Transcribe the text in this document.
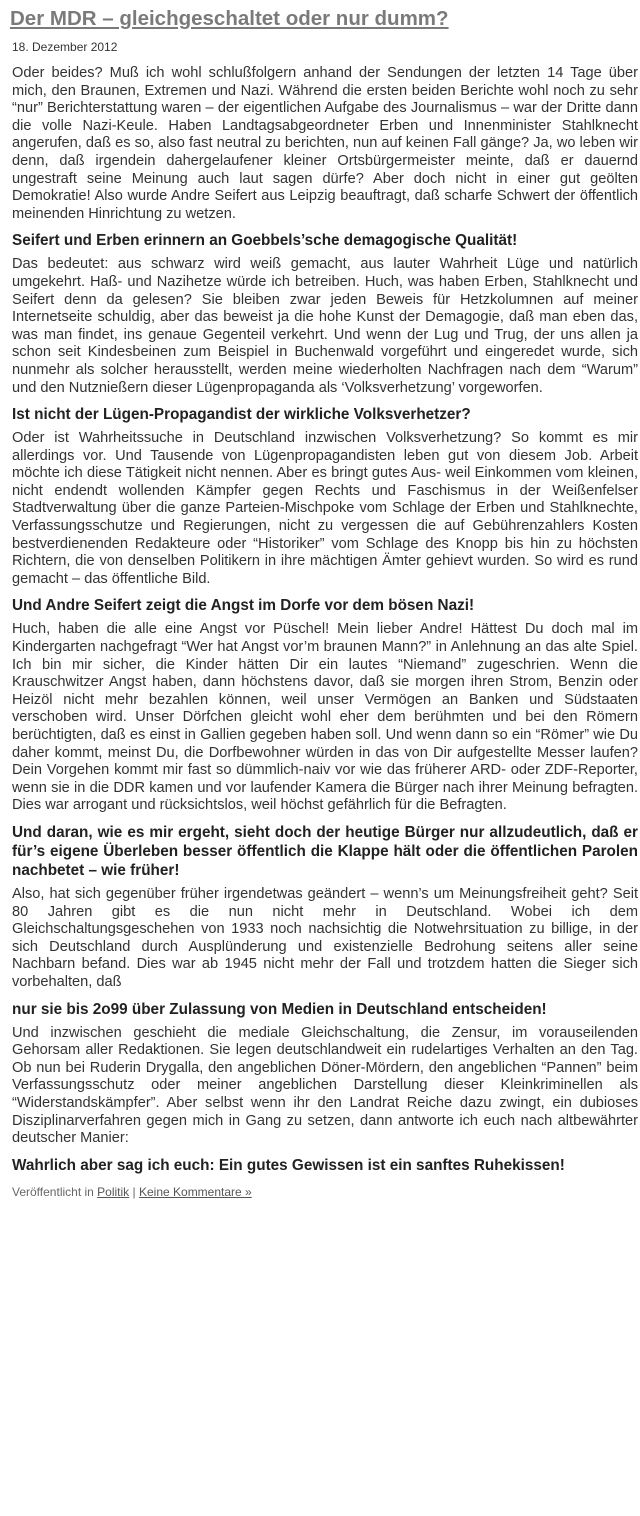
Der MDR – gleichgeschaltet oder nur dumm?
18. Dezember 2012

Oder beides? Muß ich wohl schlußfolgern anhand der Sendungen der letzten 14 Tage über mich, den Braunen, Extremen und Nazi. Während die ersten beiden Berichte wohl noch zu sehr “nur” Berichterstattung waren – der eigentlichen Aufgabe des Journalismus – war der Dritte dann die volle Nazi-Keule. Haben Landtagsabgeordneter Erben und Innenminister Stahlknecht angerufen, daß es so, also fast neutral zu berichten, nun auf keinen Fall gänge? Ja, wo leben wir denn, daß irgendein dahergelaufener kleiner Ortsbürgermeister meinte, daß er dauernd ungestraft seine Meinung auch laut sagen dürfe? Aber doch nicht in einer gut geölten Demokratie! Also wurde Andre Seifert aus Leipzig beauftragt, daß scharfe Schwert der öffentlich meinenden Hinrichtung zu wetzen.

Seifert und Erben erinnern an Goebbels’sche demagogische Qualität!

Das bedeutet: aus schwarz wird weiß gemacht, aus lauter Wahrheit Lüge und natürlich umgekehrt. Haß- und Nazihetze würde ich betreiben. Huch, was haben Erben, Stahlknecht und Seifert denn da gelesen? Sie bleiben zwar jeden Beweis für Hetzkolumnen auf meiner Internetseite schuldig, aber das beweist ja die hohe Kunst der Demagogie, daß man eben das, was man findet, ins genaue Gegenteil verkehrt. Und wenn der Lug und Trug, der uns allen ja schon seit Kindesbeinen zum Beispiel in Buchenwald vorgeführt und eingeredet wurde, sich nunmehr als solcher herausstellt, werden meine wiederholten Nachfragen nach dem “Warum” und den Nutznießern dieser Lügenpropaganda als ‘Volksverhetzung’ vorgeworfen.

Ist nicht der Lügen-Propagandist der wirkliche Volksverhetzer?

Oder ist Wahrheitssuche in Deutschland inzwischen Volksverhetzung? So kommt es mir allerdings vor. Und Tausende von Lügenpropagandisten leben gut von diesem Job. Arbeit möchte ich diese Tätigkeit nicht nennen. Aber es bringt gutes Aus- weil Einkommen vom kleinen, nicht endendt wollenden Kämpfer gegen Rechts und Faschismus in der Weißenfelser Stadtverwaltung über die ganze Parteien-Mischpoke vom Schlage der Erben und Stahlknechte, Verfassungsschutze und Regierungen, nicht zu vergessen die auf Gebührenzahlers Kosten bestverdienenden Redakteure oder “Historiker” vom Schlage des Knopp bis hin zu höchsten Richtern, die von denselben Politikern in ihre mächtigen Ämter gehievt wurden. So wird es rund gemacht – das öffentliche Bild.

Und Andre Seifert zeigt die Angst im Dorfe vor dem bösen Nazi!

Huch, haben die alle eine Angst vor Püschel! Mein lieber Andre! Hättest Du doch mal im Kindergarten nachgefragt “Wer hat Angst vor’m braunen Mann?” in Anlehnung an das alte Spiel. Ich bin mir sicher, die Kinder hätten Dir ein lautes “Niemand” zugeschrien. Wenn die Krauschwitzer Angst haben, dann höchstens davor, daß sie morgen ihren Strom, Benzin oder Heizöl nicht mehr bezahlen können, weil unser Vermögen an Banken und Südstaaten verschoben wird. Unser Dörfchen gleicht wohl eher dem berühmten und bei den Römern berüchtigten, daß es einst in Gallien gegeben haben soll. Und wenn dann so ein “Römer” wie Du daher kommt, meinst Du, die Dorfbewohner würden in das von Dir aufgestellte Messer laufen? Dein Vorgehen kommt mir fast so dümmlich-naiv vor wie das früherer ARD- oder ZDF-Reporter, wenn sie in die DDR kamen und vor laufender Kamera die Bürger nach ihrer Meinung befragten. Dies war arrogant und rücksichtslos, weil höchst gefährlich für die Befragten.

Und daran, wie es mir ergeht, sieht doch der heutige Bürger nur allzudeutlich, daß er für’s eigene Überleben besser öffentlich die Klappe hält oder die öffentlichen Parolen nachbetet – wie früher!

Also, hat sich gegenüber früher irgendetwas geändert – wenn’s um Meinungsfreiheit geht? Seit 80 Jahren gibt es die nun nicht mehr in Deutschland. Wobei ich dem Gleichschaltungsgeschehen von 1933 noch nachsichtig die Notwehrsituation zu billige, in der sich Deutschland durch Ausplünderung und existenzielle Bedrohung seitens aller seine Nachbarn befand. Dies war ab 1945 nicht mehr der Fall und trotzdem hatten die Sieger sich vorbehalten, daß

nur sie bis 2o99 über Zulassung von Medien in Deutschland entscheiden!

Und inzwischen geschieht die mediale Gleichschaltung, die Zensur, im vorauseilenden Gehorsam aller Redaktionen. Sie legen deutschlandweit ein rudelartiges Verhalten an den Tag. Ob nun bei Ruderin Drygalla, den angeblichen Döner-Mördern, den angeblichen “Pannen” beim Verfassungsschutz oder meiner angeblichen Darstellung dieser Kleinkriminellen als “Widerstandskämpfer”. Aber selbst wenn ihr den Landrat Reiche dazu zwingt, ein dubioses Disziplinarverfahren gegen mich in Gang zu setzen, dann antworte ich euch nach altbewährter deutscher Manier:

Wahrlich aber sag ich euch: Ein gutes Gewissen ist ein sanftes Ruhekissen!
Veröffentlicht in Politik | Keine Kommentare »
